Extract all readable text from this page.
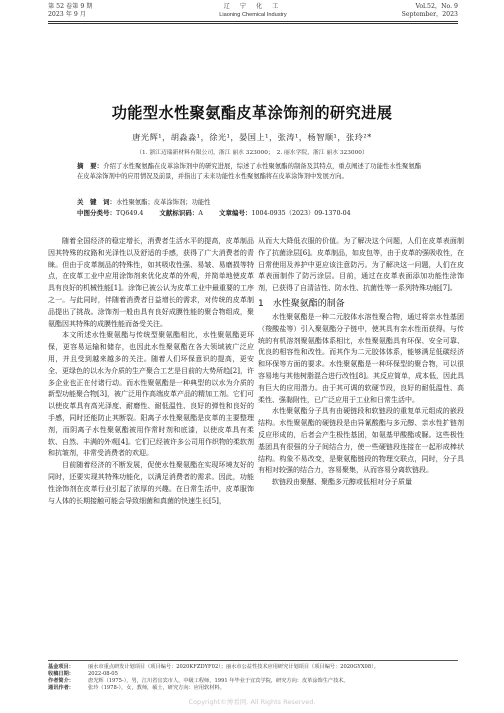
第 52 卷第 9 期
2023 年 9 月
辽 宁 化 工
Liaoning Chemical Industry
Vol.52，No. 9
September，2023
功能型水性聚氨酯皮革涂饰剂的研究进展
唐光辉¹，胡淼淼¹，徐光¹，晏国上¹，张涛¹，杨智顺¹，张玲²*
（1. 浙江迈瑞新材料有限公司，浙江 丽水 323000；　2. 丽水学院，浙江 丽水 323000）
摘　要：介绍了水性聚氨酯在皮革涂饰剂中的研究进展，综述了水性聚氨酯的制备及其特点，重点阐述了功能性水性聚氨酯在皮革涂饰剂中的应用情况及前景，并指出了未来功能性水性聚氨酯将在皮革涂饰剂中发展方向。
关　键　词：水性聚氨酯；皮革涂饰剂；功能性
中图分类号：TQ649.4 文献标识码：A 文章编号：1004-0935（2023）09-1370-04

随着全国经济的稳定增长，消费者生活水平的提高，皮革制品因其特殊的纹路和光泽性以及舒适的手感，获得了广大消费者的青睐。但由于皮革制品的特殊性，如其吸收性强、易皱、易磨损等特点，在皮革工业中应用涂饰剂来优化皮革的外观，并简单地使皮革具有良好的机械性能[1]。涂饰已被公认为皮革工业中最重要的工序之一。与此同时，伴随着消费者日益增长的需求，对传统的皮革制品提出了挑战。涂饰剂一般由具有良好成膜性能的聚合物组成，聚氨酯因其特殊的成膜性能而备受关注。

本文所述水性聚氨酯与传统型聚氨酯相比，水性聚氨酯更环保，更容易运输和储存，也因此水性聚氨酯在各大领域被广泛应用，并且受到越来越多的关注。随着人们环保意识的提高，更安全、更绿色的以水为介质的生产聚合工艺是目前的大势所趋[2]，许多企业也正在付诸行动。而水性聚氨酯是一种典型的以水为介质的新型功能聚合物[3]，被广泛用作高端皮革产品的精加工剂。它们可以使皮革具有高光泽度、耐磨性、耐低温性、良好的弹性和良好的手感，同时还能防止其断裂。阳离子水性聚氨酯是皮革的主要整理剂，而阴离子水性聚氨酯被用作常时剂和底漆，以使皮革具有柔软、自然、丰满的外观[4]。它们已经被许多公司用作织物的柔软剂和抗皱剂，非常受消费者的欢迎。

目前随着经济的不断发展，促使水性聚氨酯在实现环境友好的同时，还要实现其特殊功能化，以满足消费者的需求。因此，功能性涂饰剂在皮革行业引起了浓厚的兴趣。在日常生活中，皮革服饰与人体的长期接触可能会导致细菌和真菌的快速生长[5]，

从而大大降低衣服的价值。为了解决这个问题，人们在皮革表面制作了抗菌涂层[6]。皮革制品，如皮包等，由于皮革的强吸收性，在日常使用及养护中更应该注意防污。为了解决这一问题，人们在皮革表面制作了防污涂层。目前，通过在皮革表面添加功能性涂饰剂，已获得了自清洁性、防水性、抗菌性等一系列特殊功能[7]。

1　水性聚氨酯的制备

水性聚氨酯是一种二元胶体水溶性聚合物，通过将亲水性基团（羧酸盐等）引入聚氨酯分子链中，使其具有亲水性而获得。与传统的有机溶剂聚氨酯体系相比，水性聚氨酯具有环保、安全可靠、优良的相容性和改性。而其作为二元胶体体系，能够满足低碳经济和环保等方面的要求。水性聚氨酯是一种环保型的聚合物，可以很容易地与其他树脂混合进行改性[8]。其反应简单，成本低，因此具有巨大的应用潜力。由于其可调的软硬节段，良好的耐低温性、高柔性、强黏附性，已广泛应用于工业和日常生活中。

水性聚氨酯分子具有由硬链段和软链段的重复单元组成的嵌段结构。水性聚氨酯的硬链段是由异氰酸酯与多元醇、亲水性扩链剂反应形成的，后者会产生极性基团，如氨基甲酸酯或脲。这些极性基团具有很强的分子间结合力，使一些硬链段连接在一起形成棒状结构。构象不易改变，是聚氨酯链段的物理交联点，同时，分子具有相对较强的结合力，容易聚集，从而容易分离软链段。

软链段由聚醚、聚酯多元醇或低相对分子质量

基金项目：	丽水市重点研发计划项目（项目编号：2020KFZDYF02）；丽水市公益性技术应用研究计划项目（项目编号：2020GYX08）。
收稿日期：	2022-08-05
作者简介：	唐光辉（1975-），男，江川省宜宾市人，中级工程师，1991 年毕业于宜宾学院，研究方向：皮革涂饰生产技术。
通讯作者：	张玲（1978-），女，教师，硕士，研究方向：应用软材料。
Copyright©博看网. All Rights Reserved.
